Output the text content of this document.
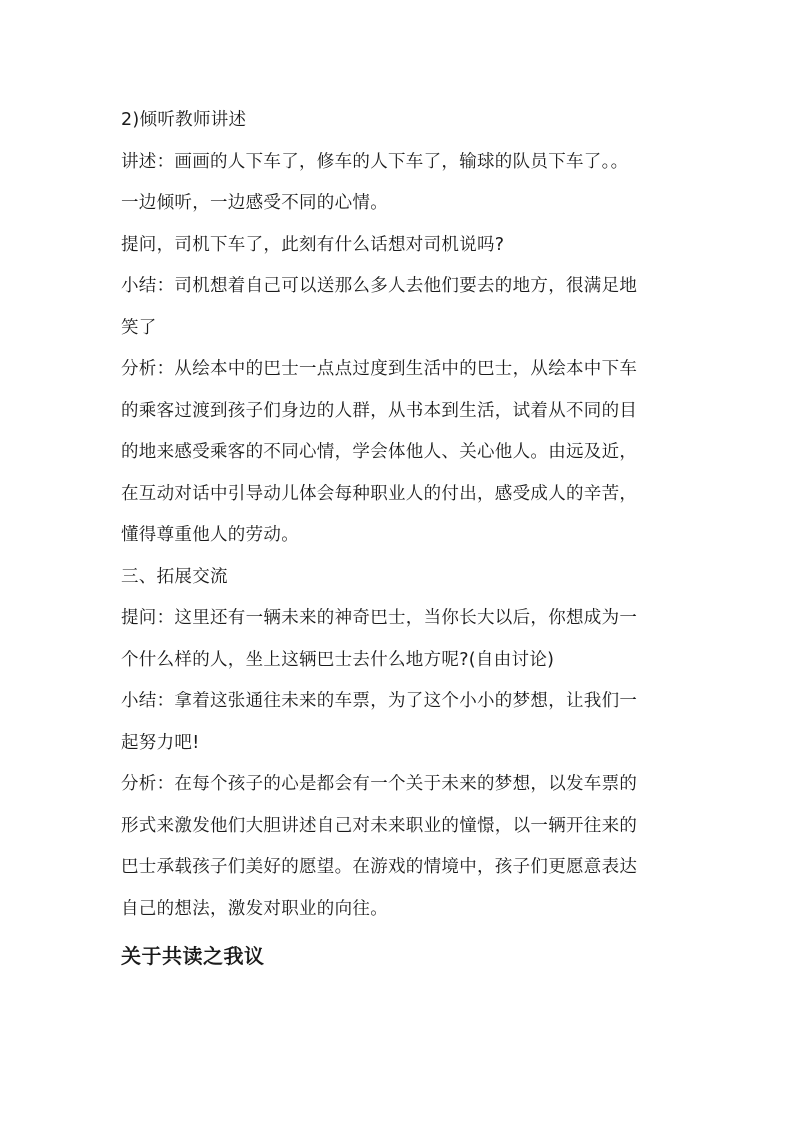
2)倾听教师讲述
讲述：画画的人下车了，修车的人下车了，输球的队员下车了。。
一边倾听，一边感受不同的心情。
提问，司机下车了，此刻有什么话想对司机说吗?
小结：司机想着自己可以送那么多人去他们要去的地方，很满足地
笑了
分析：从绘本中的巴士一点点过度到生活中的巴士，从绘本中下车
的乘客过渡到孩子们身边的人群，从书本到生活，试着从不同的目
的地来感受乘客的不同心情，学会体他人、关心他人。由远及近，
在互动对话中引导动儿体会每种职业人的付出，感受成人的辛苦，
懂得尊重他人的劳动。
三、拓展交流
提问：这里还有一辆未来的神奇巴士，当你长大以后，你想成为一
个什么样的人，坐上这辆巴士去什么地方呢?(自由讨论)
小结：拿着这张通往未来的车票，为了这个小小的梦想，让我们一
起努力吧!
分析：在每个孩子的心是都会有一个关于未来的梦想，以发车票的
形式来激发他们大胆讲述自己对未来职业的憧憬，以一辆开往来的
巴士承载孩子们美好的愿望。在游戏的情境中，孩子们更愿意表达
自己的想法，激发对职业的向往。
关于共读之我议
